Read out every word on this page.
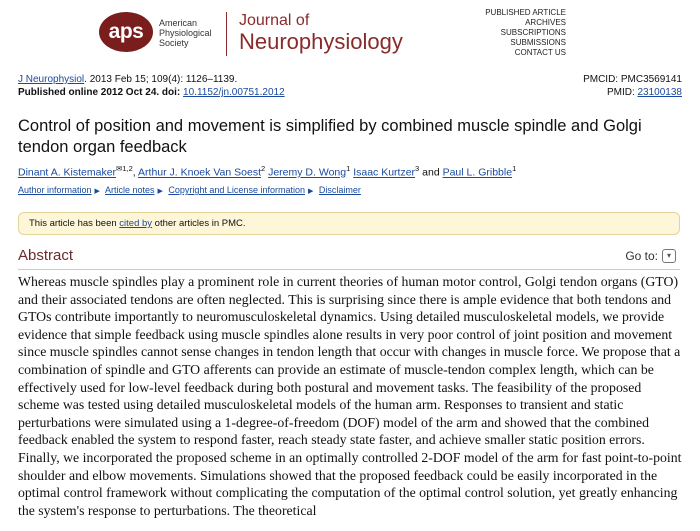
aps	American
Physiological
Society
Journal of
Neurophysiology
PUBLISHED ARTICLE
ARCHIVES
SUBSCRIPTIONS
SUBMISSIONS
CONTACT US
J Neurophysiol. 2013 Feb 15; 109(4): 1126–1139.
Published online 2012 Oct 24. doi: 10.1152/jn.00751.2012
PMCID: PMC3569141
PMID: 23100138
Control of position and movement is simplified by combined muscle spindle and Golgi tendon organ feedback
Dinant A. Kistemaker$^{✉1,2}$, Arthur J. Knoek Van Soest$^2$ Jeremy D. Wong$^1$ Isaac Kurtzer$^3$ and Paul L. Gribble$^1$
Author information ▶ Article notes ▶ Copyright and License information ▶ Disclaimer
This article has been cited by other articles in PMC.
Abstract	Go to:	▾

Whereas muscle spindles play a prominent role in current theories of human motor control, Golgi tendon organs (GTO) and their associated tendons are often neglected. This is surprising since there is ample evidence that both tendons and GTOs contribute importantly to neuromusculoskeletal dynamics. Using detailed musculoskeletal models, we provide evidence that simple feedback using muscle spindles alone results in very poor control of joint position and movement since muscle spindles cannot sense changes in tendon length that occur with changes in muscle force. We propose that a combination of spindle and GTO afferents can provide an estimate of muscle-tendon complex length, which can be effectively used for low-level feedback during both postural and movement tasks. The feasibility of the proposed scheme was tested using detailed musculoskeletal models of the human arm. Responses to transient and static perturbations were simulated using a 1-degree-of-freedom (DOF) model of the arm and showed that the combined feedback enabled the system to respond faster, reach steady state faster, and achieve smaller static position errors. Finally, we incorporated the proposed scheme in an optimally controlled 2-DOF model of the arm for fast point-to-point shoulder and elbow movements. Simulations showed that the proposed feedback could be easily incorporated in the optimal control framework without complicating the computation of the optimal control solution, yet greatly enhancing the system's response to perturbations. The theoretical
